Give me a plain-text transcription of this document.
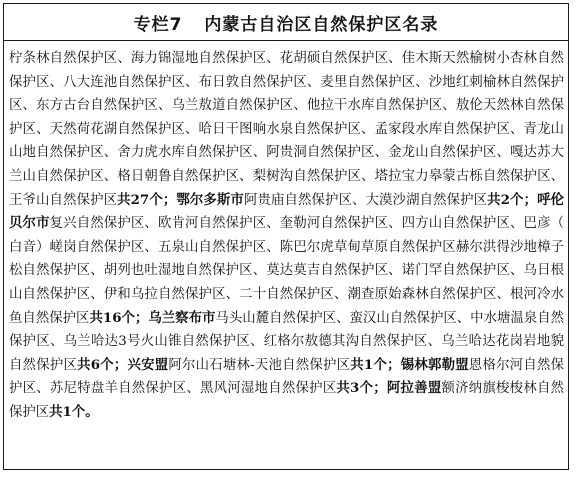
专栏7 内蒙古自治区自然保护区名录
柠条林自然保护区、海力锦湿地自然保护区、花胡硕自然保护区、佳木斯天然榆树小杏林自然保护区、八大连池自然保护区、布日敦自然保护区、麦里自然保护区、沙地红刺榆林自然保护区、东方古台自然保护区、乌兰敖道自然保护区、他拉干水库自然保护区、敖伦天然林自然保护区、天然荷花湖自然保护区、哈日干图响水泉自然保护区、孟家段水库自然保护区、青龙山山地自然保护区、舍力虎水库自然保护区、阿贵洞自然保护区、金龙山自然保护区、嘎达苏大兰山自然保护区、格日朝鲁自然保护区、梨树沟自然保护区、塔拉宝力皋蒙古栎自然保护区、王爷山自然保护区共27个；鄂尔多斯市阿贵庙自然保护区、大漠沙湖自然保护区共2个；呼伦贝尔市复兴自然保护区、欧肯河自然保护区、奎勒河自然保护区、四方山自然保护区、巴彦（白音）嵯岗自然保护区、五泉山自然保护区、陈巴尔虎草甸草原自然保护区赫尔洪得沙地樟子松自然保护区、胡列也吐湿地自然保护区、莫达莫吉自然保护区、诺门罕自然保护区、乌日根山自然保护区、伊和乌拉自然保护区、二十自然保护区、潮查原始森林自然保护区、根河冷水鱼自然保护区共16个；乌兰察布市马头山麓自然保护区、蛮汉山自然保护区、中水塘温泉自然保护区、乌兰哈达3号火山锥自然保护区、红格尔敖德其沟自然保护区、乌兰哈达花岗岩地貌自然保护区共6个；兴安盟阿尔山石塘林-天池自然保护区共1个；锡林郭勒盟恩格尔河自然保护区、苏尼特盘羊自然保护区、黑风河湿地自然保护区共3个；阿拉善盟额济纳旗梭梭林自然保护区共1个。
